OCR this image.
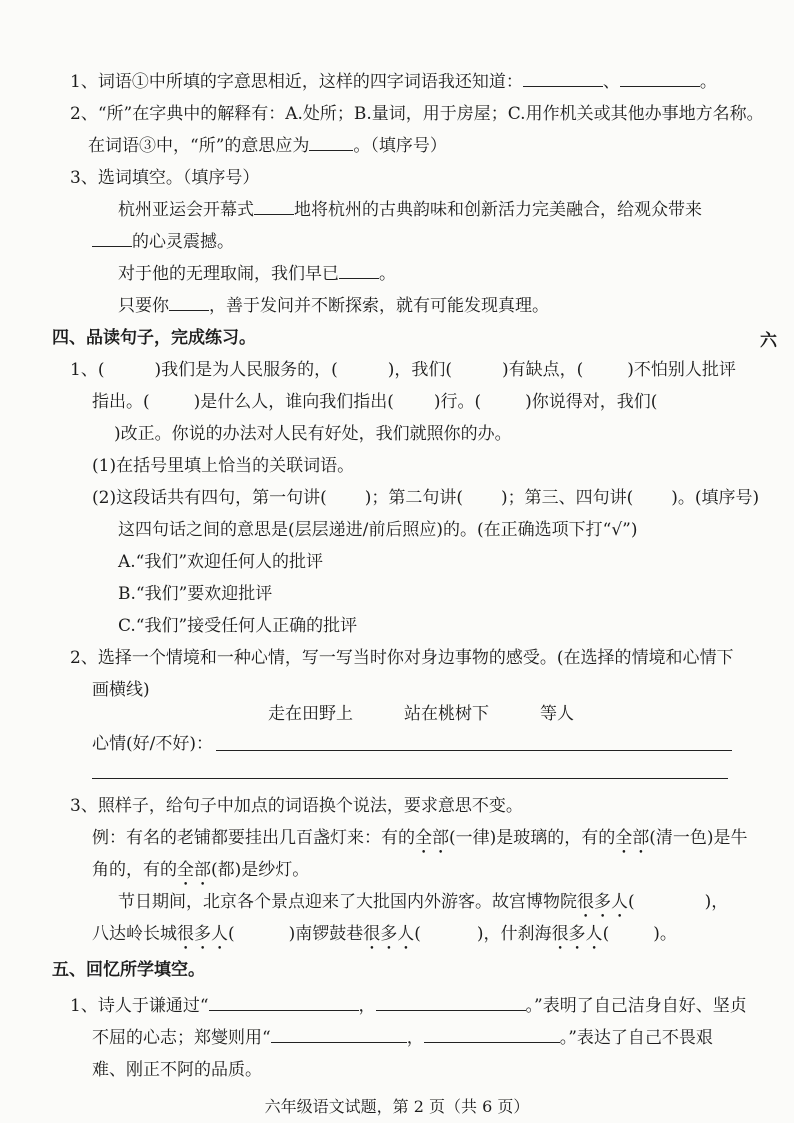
1、词语①中所填的字意思相近，这样的四字词语我还知道：	、	。
2、“所”在字典中的解释有：A.处所；B.量词，用于房屋；C.用作机关或其他办事地方名称。
在词语③中，“所”的意思应为	。（填序号）
3、选词填空。（填序号）
杭州亚运会开幕式 地将杭州的古典韵味和创新活力完美融合，给观众带来
的心灵震撼。
对于他的无理取闹，我们早已 。
只要你 ，善于发问并不断探索，就有可能发现真理。
四、品读句子，完成练习。	六
1、(	)我们是为人民服务的，(	)，我们(	)有缺点，(	)不怕别人批评
指出。(	)是什么人，谁向我们指出( )行。(	)你说得对，我们(
)改正。你说的办法对人民有好处，我们就照你的办。
(1)在括号里填上恰当的关联词语。
(2)这段话共有四句，第一句讲( )；第二句讲( )；第三、四句讲( )。(填序号)
这四句话之间的意思是(层层递进/前后照应)的。(在正确选项下打“√”)
A.“我们”欢迎任何人的批评
B.“我们”要欢迎批评
C.“我们”接受任何人正确的批评
2、选择一个情境和一种心情，写一写当时你对身边事物的感受。(在选择的情境和心情下
画横线)
走在田野上	站在桃树下	等人
心情(好/不好)：
3、照样子，给句子中加点的词语换个说法，要求意思不变。
例：有名的老铺都要挂出几百盏灯来：有的全部(一律)是玻璃的，有的全部(清一色)是牛
角的，有的全部(都)是纱灯。
节日期间，北京各个景点迎来了大批国内外游客。故宫博物院很多人(	)，
八达岭长城很多人(	)南锣鼓巷很多人(	)，什刹海很多人(	)。
五、回忆所学填空。
1、诗人于谦通过“	，	。”表明了自己洁身自好、坚贞
不屈的心志；郑燮则用“	，	。”表达了自己不畏艰
难、刚正不阿的品质。
六年级语文试题，第 2 页（共 6 页）
